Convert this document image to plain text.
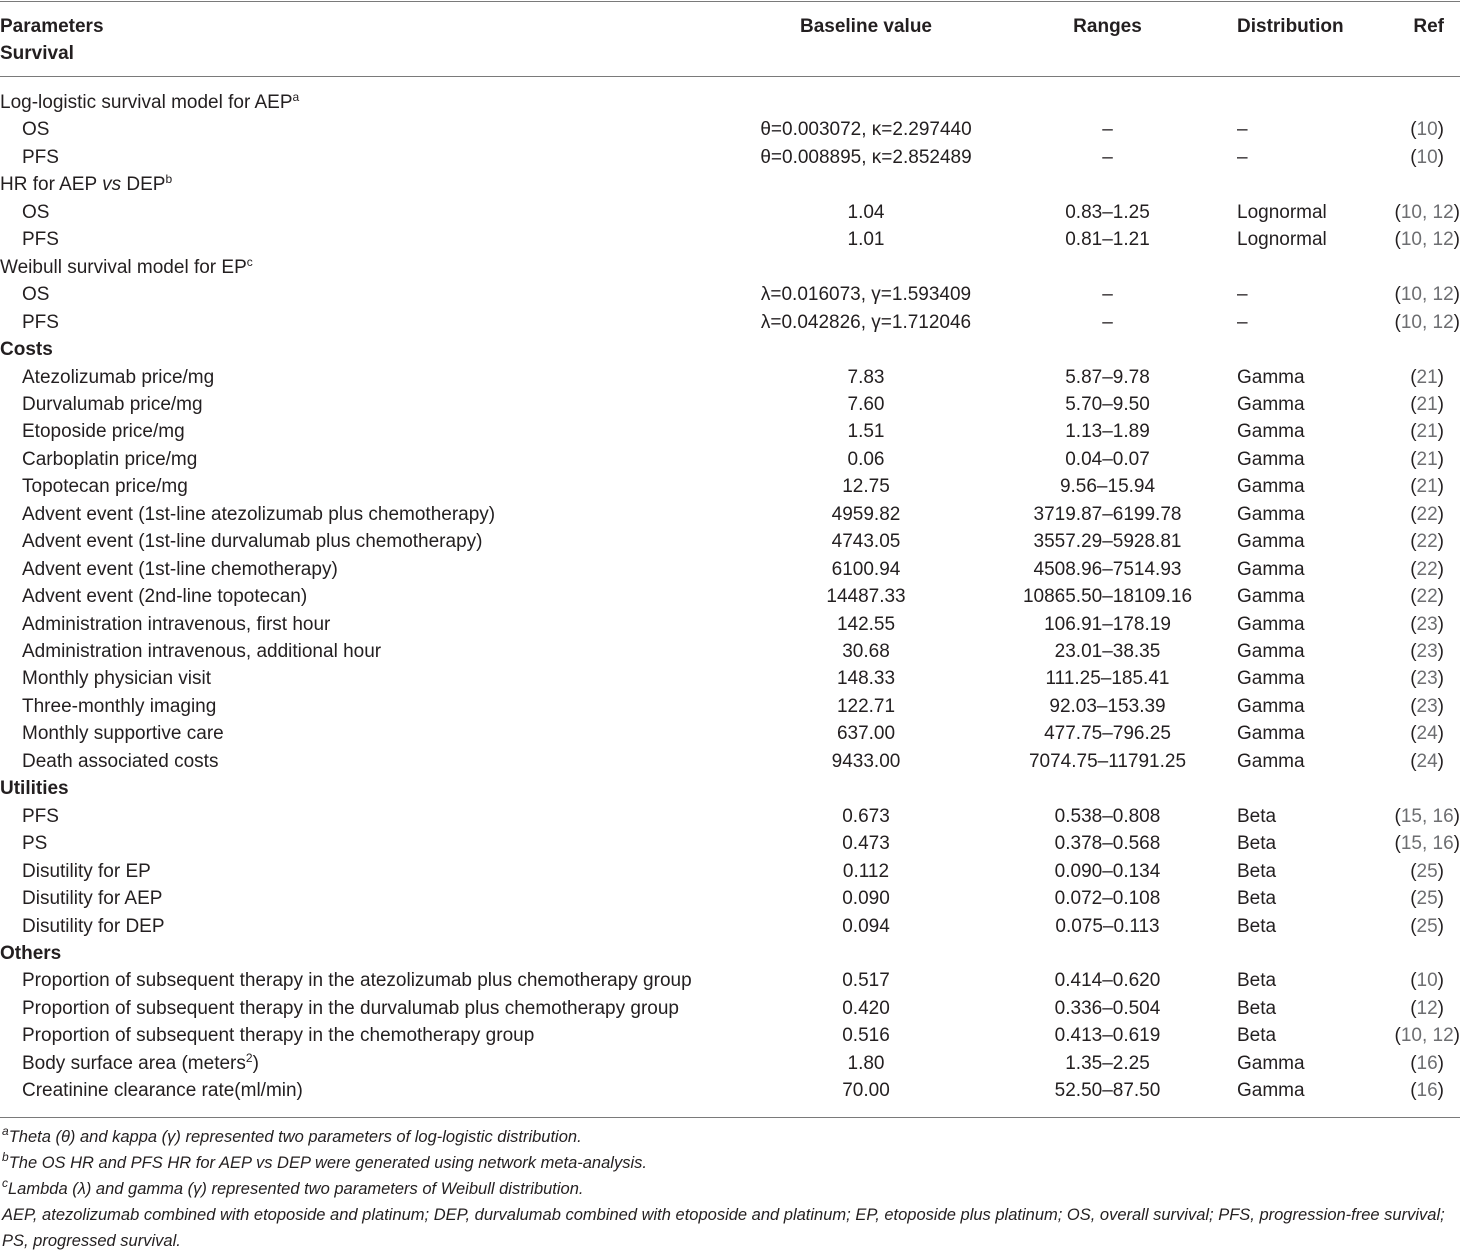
Parameters
Survival
Baseline value	Ranges	Distribution	Ref
Log-logistic survival model for AEP$^a$
OS	θ=0.003072, κ=2.297440	–	–	(10)
PFS	θ=0.008895, κ=2.852489	–	–	(10)
HR for AEP vs DEP$^b$
OS	1.04	0.83–1.25	Lognormal	(10, 12)
PFS	1.01	0.81–1.21	Lognormal	(10, 12)
Weibull survival model for $EP^c$
OS	λ=0.016073, γ=1.593409	–	–	(10, 12)
PFS	λ=0.042826, γ=1.712046	–	–	(10, 12)
Costs
Atezolizumab price/mg	7.83	5.87–9.78	Gamma	(21)
Durvalumab price/mg	7.60	5.70–9.50	Gamma	(21)
Etoposide price/mg	1.51	1.13–1.89	Gamma	(21)
Carboplatin price/mg	0.06	0.04–0.07	Gamma	(21)
Topotecan price/mg	12.75	9.56–15.94	Gamma	(21)
Advent event (1st-line atezolizumab plus chemotherapy)	4959.82	3719.87–6199.78	Gamma	(22)
Advent event (1st-line durvalumab plus chemotherapy)	4743.05	3557.29–5928.81	Gamma	(22)
Advent event (1st-line chemotherapy)	6100.94	4508.96–7514.93	Gamma	(22)
Advent event (2nd-line topotecan)	14487.33	10865.50–18109.16 Gamma	(22)
Administration intravenous, first hour	142.55	106.91–178.19	Gamma	(23)
Administration intravenous, additional hour	30.68	23.01–38.35	Gamma	(23)
Monthly physician visit	148.33	111.25–185.41	Gamma	(23)
Three-monthly imaging	122.71	92.03–153.39	Gamma	(23)
Monthly supportive care	637.00	477.75–796.25	Gamma	(24)
Death associated costs	9433.00	7074.75–11791.25	Gamma	(24)
Utilities
PFS	0.673	0.538–0.808	Beta	(15, 16)
PS	0.473	0.378–0.568	Beta	(15, 16)
Disutility for EP	0.112	0.090–0.134	Beta	(25)
Disutility for AEP	0.090	0.072–0.108	Beta	(25)
Disutility for DEP	0.094	0.075–0.113	Beta	(25)
Others
Proportion of subsequent therapy in the atezolizumab plus chemotherapy group	0.517	0.414–0.620	Beta	(10)
Proportion of subsequent therapy in the durvalumab plus chemotherapy group	0.420	0.336–0.504	Beta	(12)
Proportion of subsequent therapy in the chemotherapy group	0.516	0.413–0.619	Beta	(10, 12)
Body surface area (meters$^2$)	1.80	1.35–2.25	Gamma	(16)
Creatinine clearance rate(ml/min)	70.00	52.50–87.50	Gamma	(16)
$^a$Theta (θ) and kappa (γ) represented two parameters of log-logistic distribution.
$^b$The OS HR and PFS HR for AEP vs DEP were generated using network meta-analysis.
$^c$Lambda (λ) and gamma (γ) represented two parameters of Weibull distribution.
AEP, atezolizumab combined with etoposide and platinum; DEP, durvalumab combined with etoposide and platinum; EP, etoposide plus platinum; OS, overall survival; PFS, progression-free survival; PS, progressed survival.
